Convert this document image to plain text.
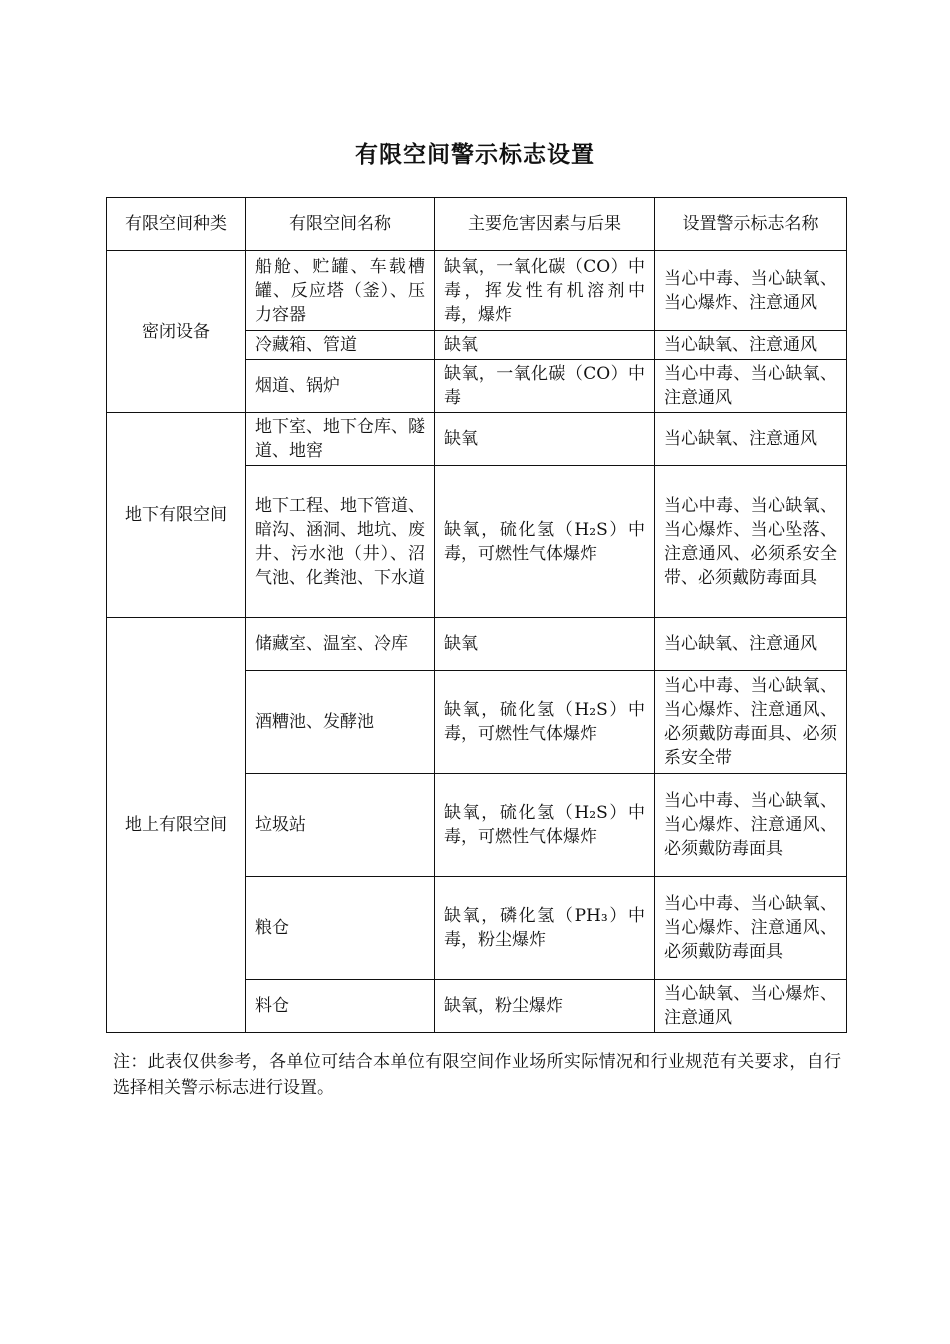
有限空间警示标志设置
有限空间种类	有限空间名称	主要危害因素与后果	设置警示标志名称
密闭设备	船舱、贮罐、车载槽罐、反应塔（釜）、压力容器	缺氧，一氧化碳（CO）中毒，挥发性有机溶剂中毒，爆炸	当心中毒、当心缺氧、当心爆炸、注意通风
	冷藏箱、管道	缺氧	当心缺氧、注意通风
	烟道、锅炉	缺氧，一氧化碳（CO）中毒	当心中毒、当心缺氧、注意通风
地下有限空间	地下室、地下仓库、隧道、地窖	缺氧	当心缺氧、注意通风
	地下工程、地下管道、暗沟、涵洞、地坑、废井、污水池（井）、沼气池、化粪池、下水道	缺氧，硫化氢（H₂S）中毒，可燃性气体爆炸	当心中毒、当心缺氧、当心爆炸、当心坠落、注意通风、必须系安全带、必须戴防毒面具
地上有限空间	储藏室、温室、冷库	缺氧	当心缺氧、注意通风
	酒糟池、发酵池	缺氧，硫化氢（H₂S）中毒，可燃性气体爆炸	当心中毒、当心缺氧、当心爆炸、注意通风、必须戴防毒面具、必须系安全带
	垃圾站	缺氧，硫化氢（H₂S）中毒，可燃性气体爆炸	当心中毒、当心缺氧、当心爆炸、注意通风、必须戴防毒面具
	粮仓	缺氧，磷化氢（PH₃）中毒，粉尘爆炸	当心中毒、当心缺氧、当心爆炸、注意通风、必须戴防毒面具
	料仓	缺氧，粉尘爆炸	当心缺氧、当心爆炸、注意通风
注：此表仅供参考，各单位可结合本单位有限空间作业场所实际情况和行业规范有关要求，自行选择相关警示标志进行设置。
